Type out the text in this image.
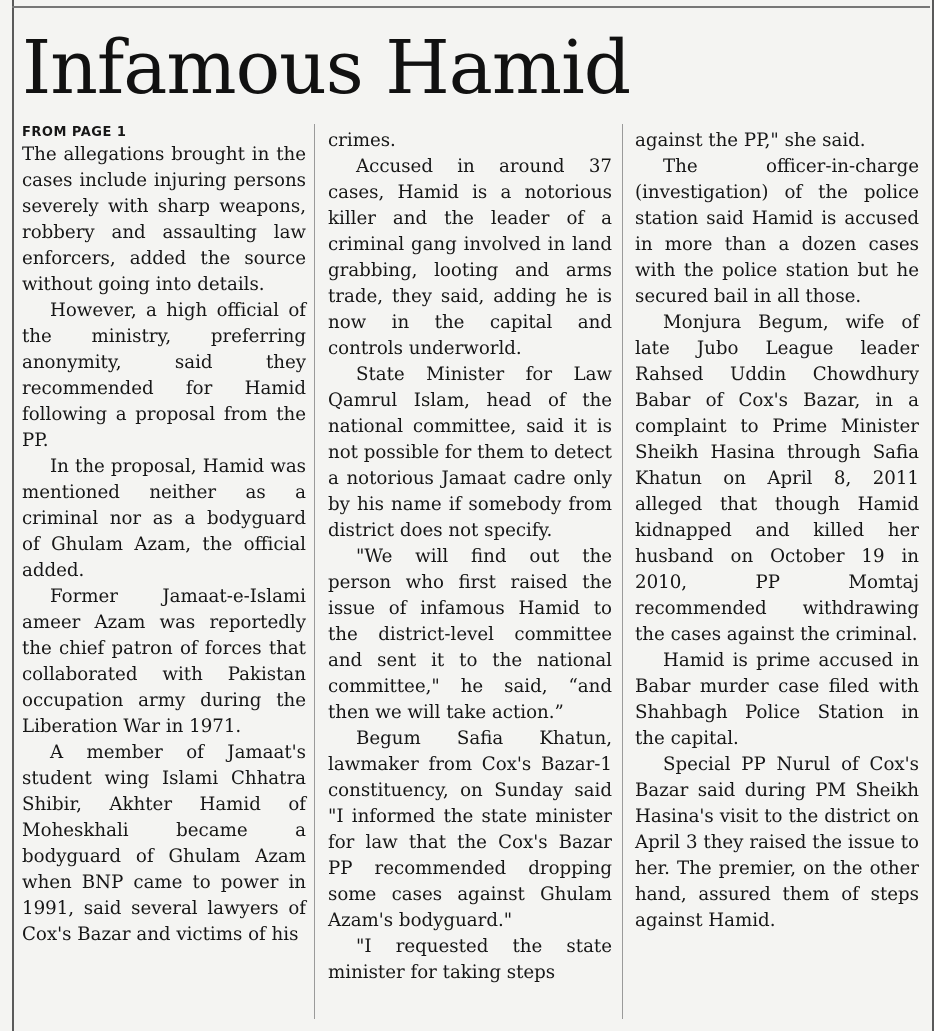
Infamous Hamid
FROM PAGE 1

The allegations brought in the cases include injuring persons severely with sharp weapons, robbery and assaulting law enforcers, added the source without going into details.

However, a high official of the ministry, preferring anonymity, said they recommended for Hamid following a proposal from the PP.

In the proposal, Hamid was mentioned neither as a criminal nor as a bodyguard of Ghulam Azam, the official added.

Former Jamaat-e-Islami ameer Azam was reportedly the chief patron of forces that collaborated with Pakistan occupation army during the Liberation War in 1971.

A member of Jamaat's student wing Islami Chhatra Shibir, Akhter Hamid of Moheskhali became a bodyguard of Ghulam Azam when BNP came to power in 1991, said several lawyers of Cox's Bazar and victims of his

crimes.

Accused in around 37 cases, Hamid is a notorious killer and the leader of a criminal gang involved in land grabbing, looting and arms trade, they said, adding he is now in the capital and controls underworld.

State Minister for Law Qamrul Islam, head of the national committee, said it is not possible for them to detect a notorious Jamaat cadre only by his name if somebody from district does not specify.

"We will find out the person who first raised the issue of infamous Hamid to the district-level committee and sent it to the national committee," he said, “and then we will take action.”

Begum Safia Khatun, lawmaker from Cox's Bazar-1 constituency, on Sunday said "I informed the state minister for law that the Cox's Bazar PP recommended dropping some cases against Ghulam Azam's bodyguard."

"I requested the state minister for taking steps

against the PP," she said.

The officer-in-charge (investigation) of the police station said Hamid is accused in more than a dozen cases with the police station but he secured bail in all those.

Monjura Begum, wife of late Jubo League leader Rahsed Uddin Chowdhury Babar of Cox's Bazar, in a complaint to Prime Minister Sheikh Hasina through Safia Khatun on April 8, 2011 alleged that though Hamid kidnapped and killed her husband on October 19 in 2010, PP Momtaj recommended withdrawing the cases against the criminal.

Hamid is prime accused in Babar murder case filed with Shahbagh Police Station in the capital.

Special PP Nurul of Cox's Bazar said during PM Sheikh Hasina's visit to the district on April 3 they raised the issue to her. The premier, on the other hand, assured them of steps against Hamid.
